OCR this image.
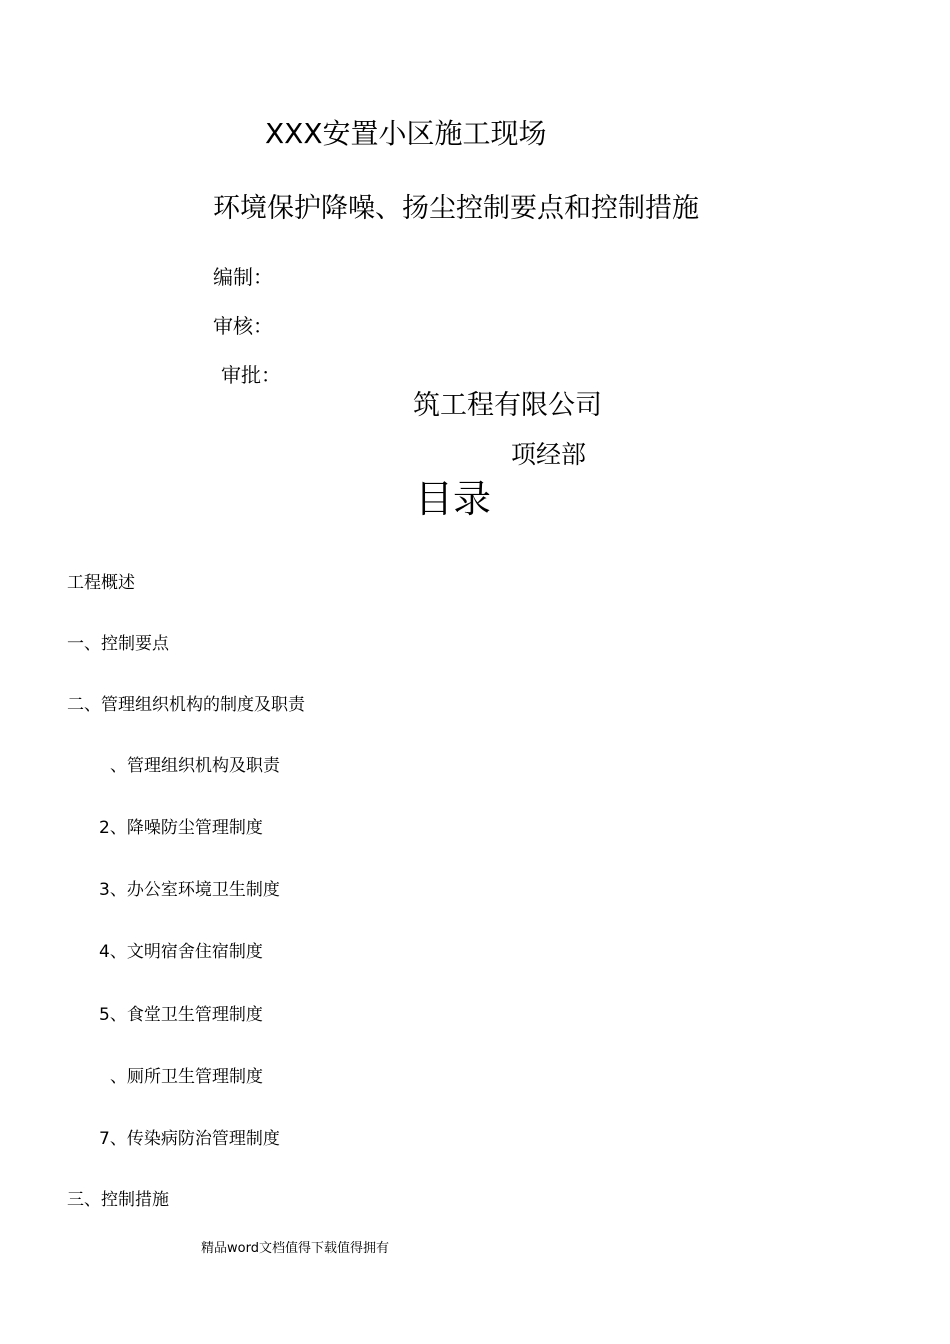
XXX安置小区施工现场
环境保护降噪、扬尘控制要点和控制措施
编制：
审核：
审批：
筑工程有限公司
项经部
目录
工程概述
一、控制要点
二、管理组织机构的制度及职责
、管理组织机构及职责
2、降噪防尘管理制度
3、办公室环境卫生制度
4、文明宿舍住宿制度
5、食堂卫生管理制度
、厕所卫生管理制度
7、传染病防治管理制度
三、控制措施
精品word文档值得下载值得拥有
